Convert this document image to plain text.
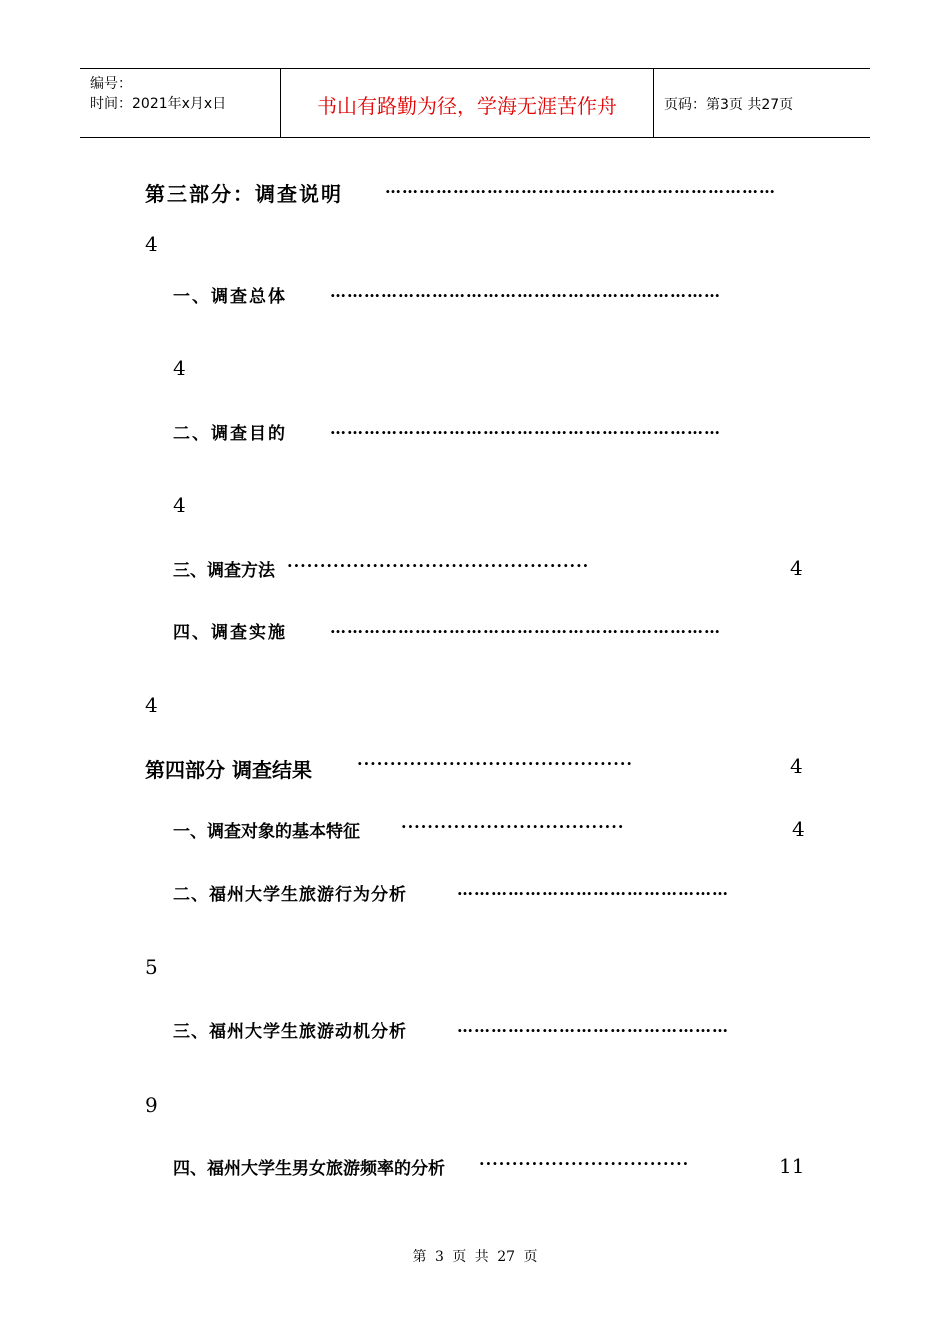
编号：
时间：2021年x月x日	书山有路勤为径，学海无涯苦作舟	页码：第3页 共27页
第三部分：调查说明	……………………………………………………………
4
一、调查总体	……………………………………………………………
4
二、调查目的	……………………………………………………………
4
三、调查方法 ··············································	4
四、调查实施	……………………………………………………………
4
第四部分 调查结果	··········································	4
一、调查对象的基本特征	··································	4
二、福州大学生旅游行为分析	…………………………………………
5
三、福州大学生旅游动机分析	…………………………………………
9
四、福州大学生男女旅游频率的分析 ································	11
第 3 页 共 27 页
